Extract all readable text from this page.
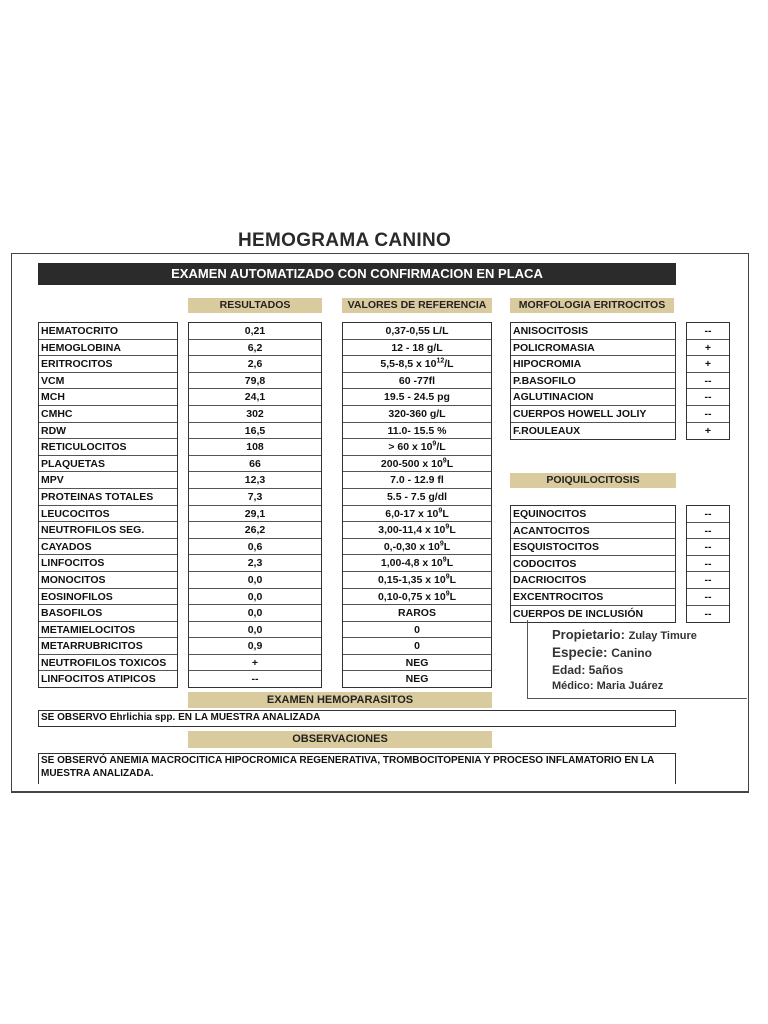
HEMOGRAMA CANINO
EXAMEN AUTOMATIZADO CON CONFIRMACION EN PLACA
RESULTADOS	VALORES DE REFERENCIA	MORFOLOGIA ERITROCITOS
HEMATOCRITO
HEMOGLOBINA
ERITROCITOS
VCM
MCH
CMHC
RDW
RETICULOCITOS
PLAQUETAS
MPV
PROTEINAS TOTALES
LEUCOCITOS
NEUTROFILOS SEG.
CAYADOS
LINFOCITOS
MONOCITOS
EOSINOFILOS
BASOFILOS
METAMIELOCITOS
METARRUBRICITOS
NEUTROFILOS TOXICOS
LINFOCITOS ATIPICOS
0,21
6,2
2,6
79,8
24,1
302
16,5
108
66
12,3
7,3
29,1
26,2
0,6
2,3
0,0
0,0
0,0
0,0
0,9
+
--
0,37-0,55 L/L
12 - 18 g/L
5,5-8,5 x $10^{12}/L$
60 -77fl
19.5 - 24.5 pg
320-360 g/L
11.0- 15.5 %
> 60 x $10^9/L$
200-500 x $10^9L$
7.0 - 12.9 fl
5.5 - 7.5 g/dl
6,0-17 x $10^9L$
3,00-11,4 x $10^9L$
0,-0,30 x $10^9L$
1,00-4,8 x $10^9L$
0,15-1,35 x $10^9L$
0,10-0,75 x $10^9L$
RAROS
0
0
NEG
NEG
ANISOCITOSIS
POLICROMASIA
HIPOCROMIA
P.BASOFILO
AGLUTINACION
CUERPOS HOWELL JOLIY
F.ROULEAUX
--
+
+
--
--
--
+
POIQUILOCITOSIS
EQUINOCITOS
ACANTOCITOS
ESQUISTOCITOS
CODOCITOS
DACRIOCITOS
EXCENTROCITOS
CUERPOS DE INCLUSIÓN
--
--
--
--
--
--
--
Propietario: Zulay Timure
Especie: Canino
Edad: 5años
Médico: Maria Juárez
EXAMEN HEMOPARASITOS
SE OBSERVO Ehrlichia spp. EN LA MUESTRA ANALIZADA
OBSERVACIONES
SE OBSERVÓ ANEMIA MACROCITICA HIPOCROMICA REGENERATIVA, TROMBOCITOPENIA Y PROCESO INFLAMATORIO EN LA MUESTRA ANALIZADA.
